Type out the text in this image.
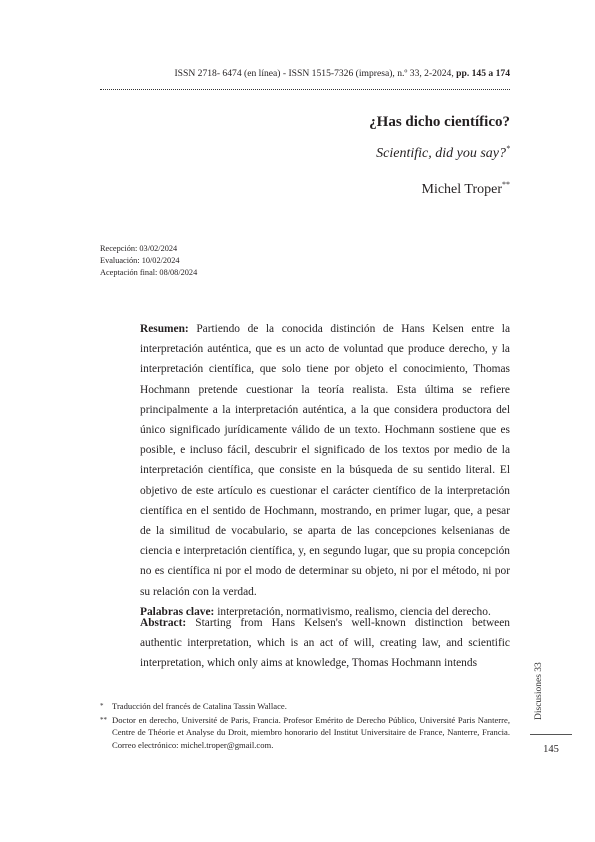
ISSN 2718- 6474 (en línea) - ISSN 1515-7326 (impresa), n.º 33, 2-2024, pp. 145 a 174
¿Has dicho científico?
Scientific, did you say?*
Michel Troper**
Recepción: 03/02/2024
Evaluación: 10/02/2024
Aceptación final: 08/08/2024

Resumen: Partiendo de la conocida distinción de Hans Kelsen entre la interpretación auténtica, que es un acto de voluntad que produce derecho, y la interpretación científica, que solo tiene por objeto el conocimiento, Thomas Hochmann pretende cuestionar la teoría realista. Esta última se refiere principalmente a la interpretación auténtica, a la que considera productora del único significado jurídicamente válido de un texto. Hochmann sostiene que es posible, e incluso fácil, descubrir el significado de los textos por medio de la interpretación científica, que consiste en la búsqueda de su sentido literal. El objetivo de este artículo es cuestionar el carácter científico de la interpretación científica en el sentido de Hochmann, mostrando, en primer lugar, que, a pesar de la similitud de vocabulario, se aparta de las concepciones kelsenianas de ciencia e interpretación científica, y, en segundo lugar, que su propia concepción no es científica ni por el modo de determinar su objeto, ni por el método, ni por su relación con la verdad.
Palabras clave: interpretación, normativismo, realismo, ciencia del derecho.

Abstract: Starting from Hans Kelsen's well-known distinction between authentic interpretation, which is an act of will, creating law, and scientific interpretation, which only aims at knowledge, Thomas Hochmann intends

* Traducción del francés de Catalina Tassin Wallace.
** Doctor en derecho, Université de Paris, Francia. Profesor Emérito de Derecho Público, Université Paris Nanterre, Centre de Théorie et Analyse du Droit, miembro honorario del Institut Universitaire de France, Nanterre, Francia. Correo electrónico: michel.troper@gmail.com.
Discusiones 33
145
